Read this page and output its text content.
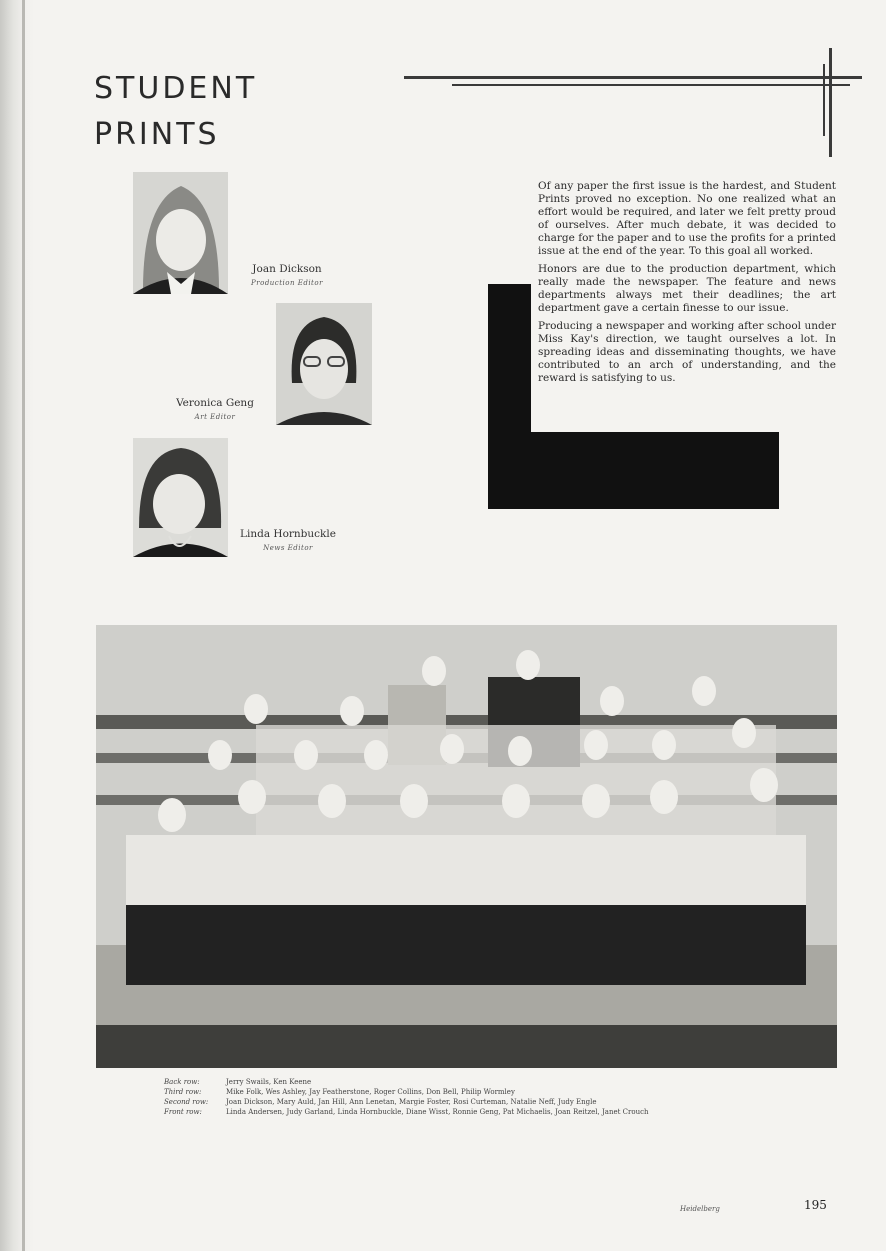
STUDENT
PRINTS
Joan Dickson
Production Editor
Veronica Geng
Art Editor
Linda Hornbuckle
News Editor

Of any paper the first issue is the hardest, and Student Prints proved no exception. No one realized what an effort would be required, and later we felt pretty proud of ourselves. After much debate, it was decided to charge for the paper and to use the profits for a printed issue at the end of the year. To this goal all worked.

Honors are due to the production department, which really made the newspaper. The feature and news departments always met their deadlines; the art department gave a certain finesse to our issue.

Producing a newspaper and working after school under Miss Kay's direction, we taught ourselves a lot. In spreading ideas and disseminating thoughts, we have contributed to an arch of understanding, and the reward is satisfying to us.

Back row:	Jerry Swails, Ken Keene
Third row:	Mike Folk, Wes Ashley, Jay Featherstone, Roger Collins, Don Bell, Philip Wormley
Second row:	Joan Dickson, Mary Auld, Jan Hill, Ann Lenetan, Margie Foster, Rosi Curteman, Natalie Neff, Judy Engle
Front row:	Linda Andersen, Judy Garland, Linda Hornbuckle, Diane Wisst, Ronnie Geng, Pat Michaelis, Joan Reitzel, Janet Crouch
Heidelberg	195
